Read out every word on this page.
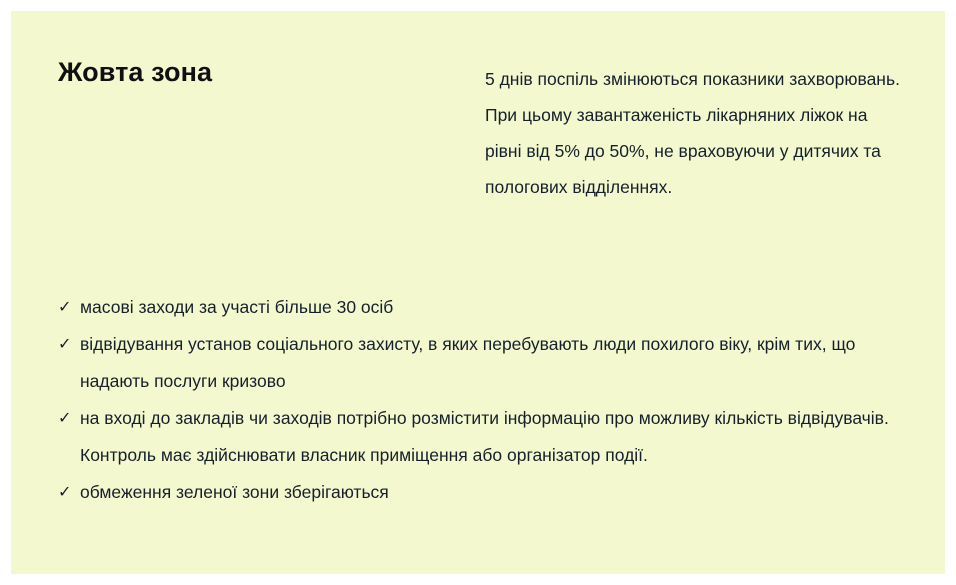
Жовта зона	5 днів поспіль змінюються показники захворювань. При цьому завантаженість лікарняних ліжок на рівні від 5% до 50%, не враховуючи у дитячих та пологових відділеннях.
✓ масові заходи за участі більше 30 осіб
✓ відвідування установ соціального захисту, в яких перебувають люди похилого віку, крім тих, що надають послуги кризово
✓ на вході до закладів чи заходів потрібно розмістити інформацію про можливу кількість відвідувачів. Контроль має здійснювати власник приміщення або організатор події.
✓ обмеження зеленої зони зберігаються
